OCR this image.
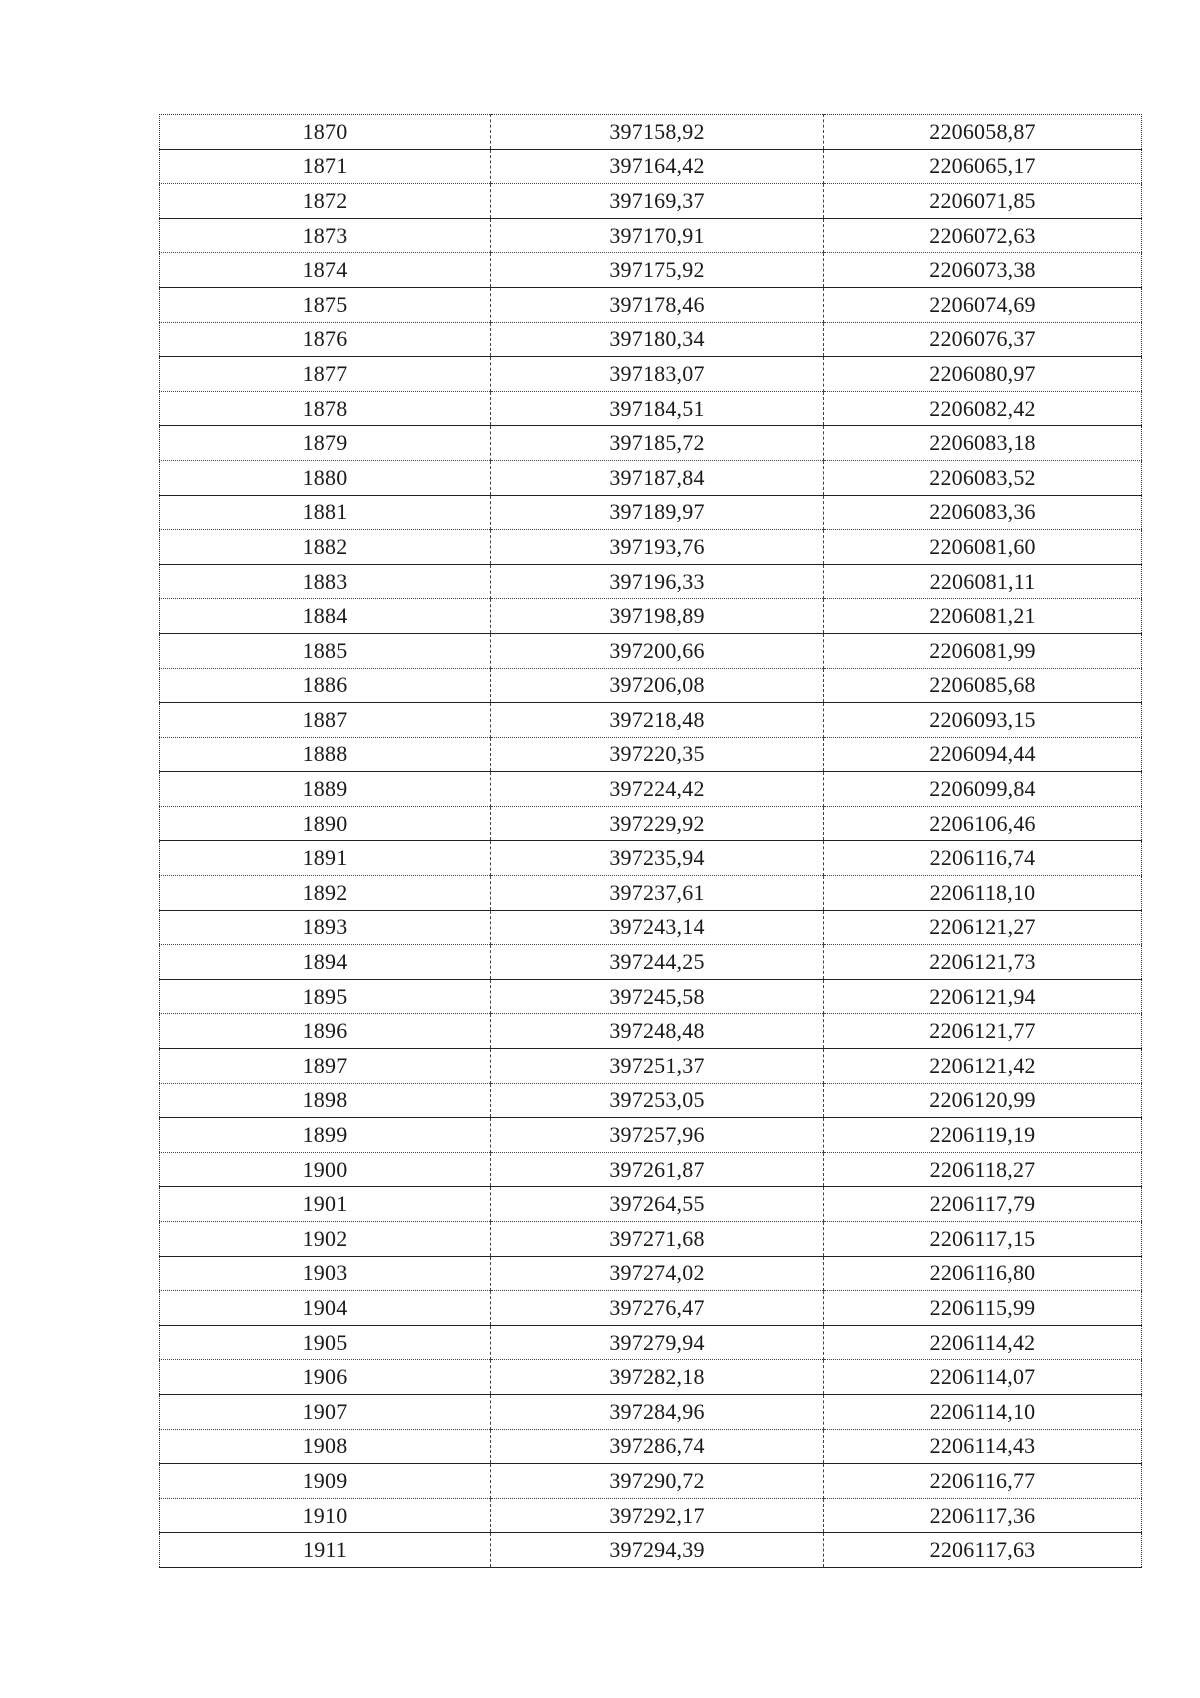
1870	397158,92	2206058,87
1871	397164,42	2206065,17
1872	397169,37	2206071,85
1873	397170,91	2206072,63
1874	397175,92	2206073,38
1875	397178,46	2206074,69
1876	397180,34	2206076,37
1877	397183,07	2206080,97
1878	397184,51	2206082,42
1879	397185,72	2206083,18
1880	397187,84	2206083,52
1881	397189,97	2206083,36
1882	397193,76	2206081,60
1883	397196,33	2206081,11
1884	397198,89	2206081,21
1885	397200,66	2206081,99
1886	397206,08	2206085,68
1887	397218,48	2206093,15
1888	397220,35	2206094,44
1889	397224,42	2206099,84
1890	397229,92	2206106,46
1891	397235,94	2206116,74
1892	397237,61	2206118,10
1893	397243,14	2206121,27
1894	397244,25	2206121,73
1895	397245,58	2206121,94
1896	397248,48	2206121,77
1897	397251,37	2206121,42
1898	397253,05	2206120,99
1899	397257,96	2206119,19
1900	397261,87	2206118,27
1901	397264,55	2206117,79
1902	397271,68	2206117,15
1903	397274,02	2206116,80
1904	397276,47	2206115,99
1905	397279,94	2206114,42
1906	397282,18	2206114,07
1907	397284,96	2206114,10
1908	397286,74	2206114,43
1909	397290,72	2206116,77
1910	397292,17	2206117,36
1911	397294,39	2206117,63
